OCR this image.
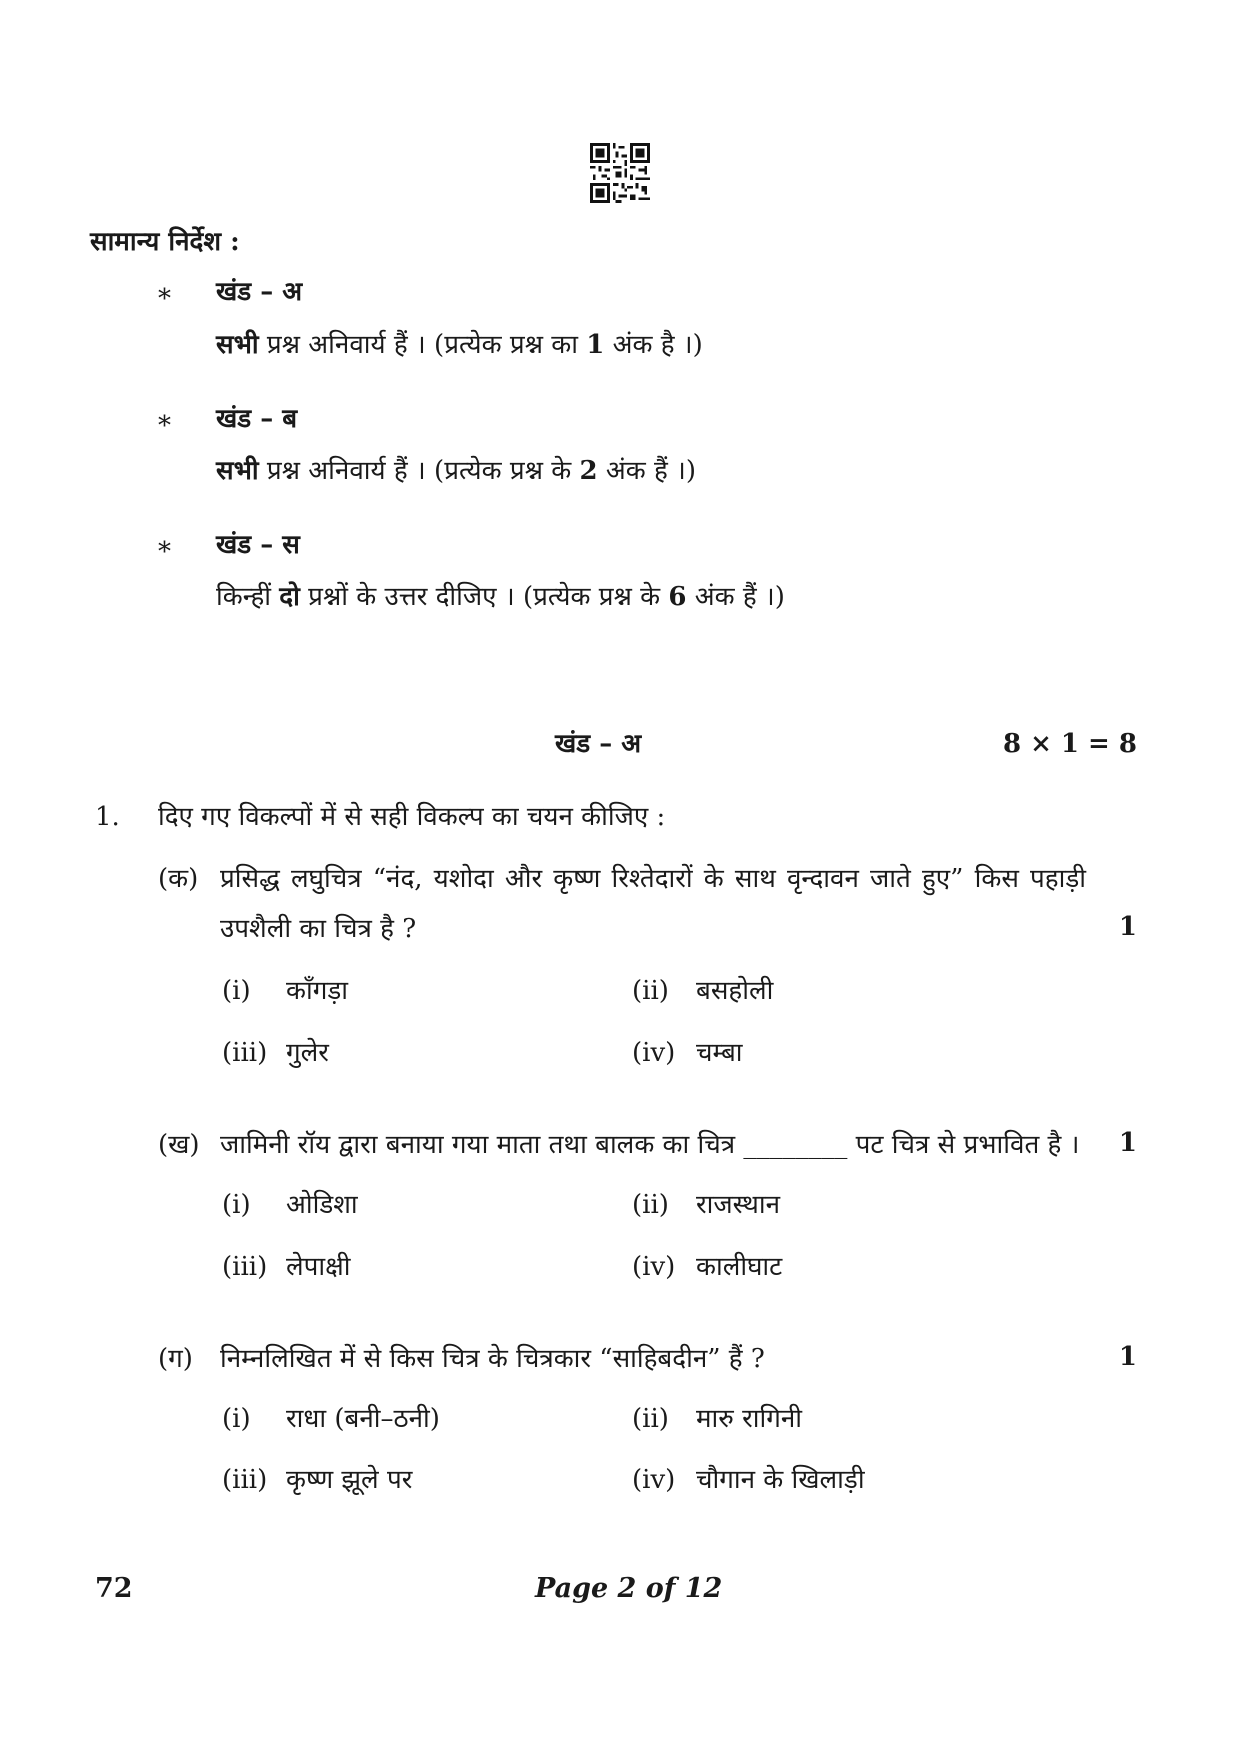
सामान्य निर्देश :
* खंड – अ
सभी प्रश्न अनिवार्य हैं । (प्रत्येक प्रश्न का 1 अंक है ।)
* खंड – ब
सभी प्रश्न अनिवार्य हैं । (प्रत्येक प्रश्न के 2 अंक हैं ।)
* खंड – स
किन्हीं दो प्रश्नों के उत्तर दीजिए । (प्रत्येक प्रश्न के 6 अंक हैं ।)
खंड – अ	8 × 1 = 8
1. दिए गए विकल्पों में से सही विकल्प का चयन कीजिए :
(क) प्रसिद्ध लघुचित्र “नंद, यशोदा और कृष्ण रिश्तेदारों के साथ वृन्दावन जाते हुए” किस पहाड़ी
उपशैली का चित्र है ?	1
(i) काँगड़ा	(ii) बसहोली
(iii) गुलेर	(iv) चम्बा
(ख) जामिनी रॉय द्वारा बनाया गया माता तथा बालक का चित्र ________ पट चित्र से प्रभावित है । 1
(i) ओडिशा	(ii) राजस्थान
(iii) लेपाक्षी	(iv) कालीघाट
(ग) निम्नलिखित में से किस चित्र के चित्रकार “साहिबदीन” हैं ?	1
(i) राधा (बनी–ठनी)	(ii) मारु रागिनी
(iii) कृष्ण झूले पर	(iv) चौगान के खिलाड़ी
72	Page 2 of 12
